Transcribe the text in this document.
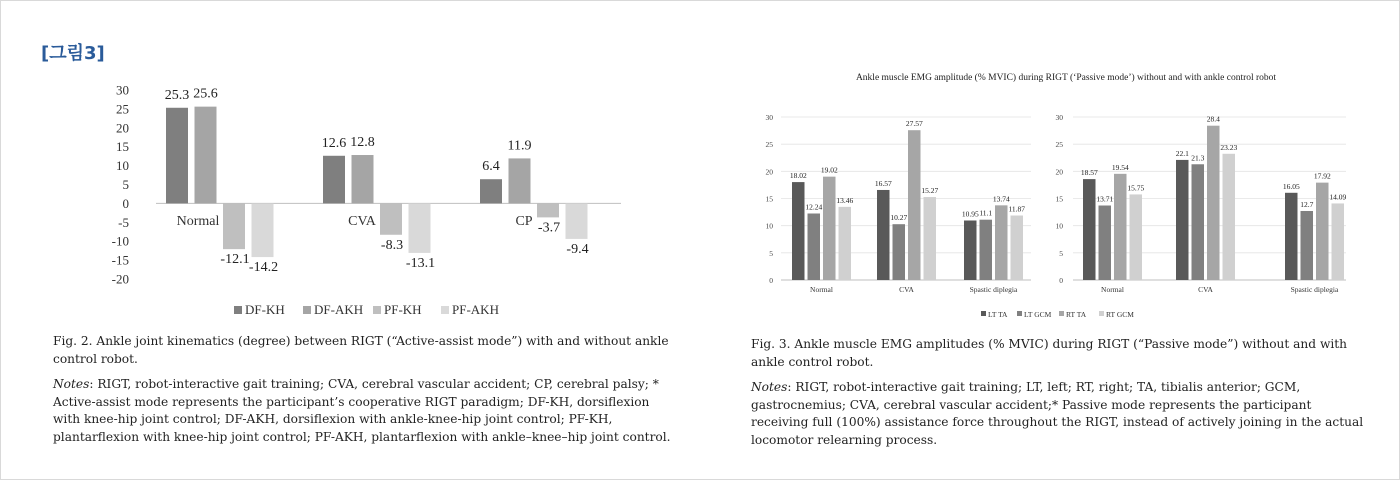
[그림3]
30
25
20
15
10
5
0
-5
-10
-15
-20
Normal	CVA	CP
25.3
12.6
6.4
25.6
12.8	11.9
-12.1
-8.3
-3.7
-14.2	-13.1
-9.4
DF-KH DF-AKH PF-KH PF-AKH
Ankle muscle EMG amplitude (% MVIC) during RIGT (‘Passive mode’) without and with ankle control robot
30
25
20
15
10
5
0
18.02
16.57
10.95
12.24
10.27
11.1
19.02
27.57
13.74
13.46
15.27
11.87
Normal	CVA	Spastic diplegia
30
25
20
15
10
5
0
18.57
22.1
16.05
13.71
21.3
12.7
19.54
28.4
17.92
15.75
23.23
14.09
Normal	CVA	Spastic diplegia
LT TA LT GCM RT TA	RT GCM

Fig. 2. Ankle joint kinematics (degree) between RIGT (“Active-assist mode”) with and without ankle control robot.

Notes: RIGT, robot-interactive gait training; CVA, cerebral vascular accident; CP, cerebral palsy; * Active-assist mode represents the participant’s cooperative RIGT paradigm; DF-KH, dorsiflexion with knee-hip joint control; DF-AKH, dorsiflexion with ankle-knee-hip joint control; PF-KH, plantarflexion with knee-hip joint control; PF-AKH, plantarflexion with ankle–knee–hip joint control.

Fig. 3. Ankle muscle EMG amplitudes (% MVIC) during RIGT (“Passive mode”) without and with ankle control robot.

Notes: RIGT, robot-interactive gait training; LT, left; RT, right; TA, tibialis anterior; GCM, gastrocnemius; CVA, cerebral vascular accident;* Passive mode represents the participant receiving full (100%) assistance force throughout the RIGT, instead of actively joining in the actual locomotor relearning process.
